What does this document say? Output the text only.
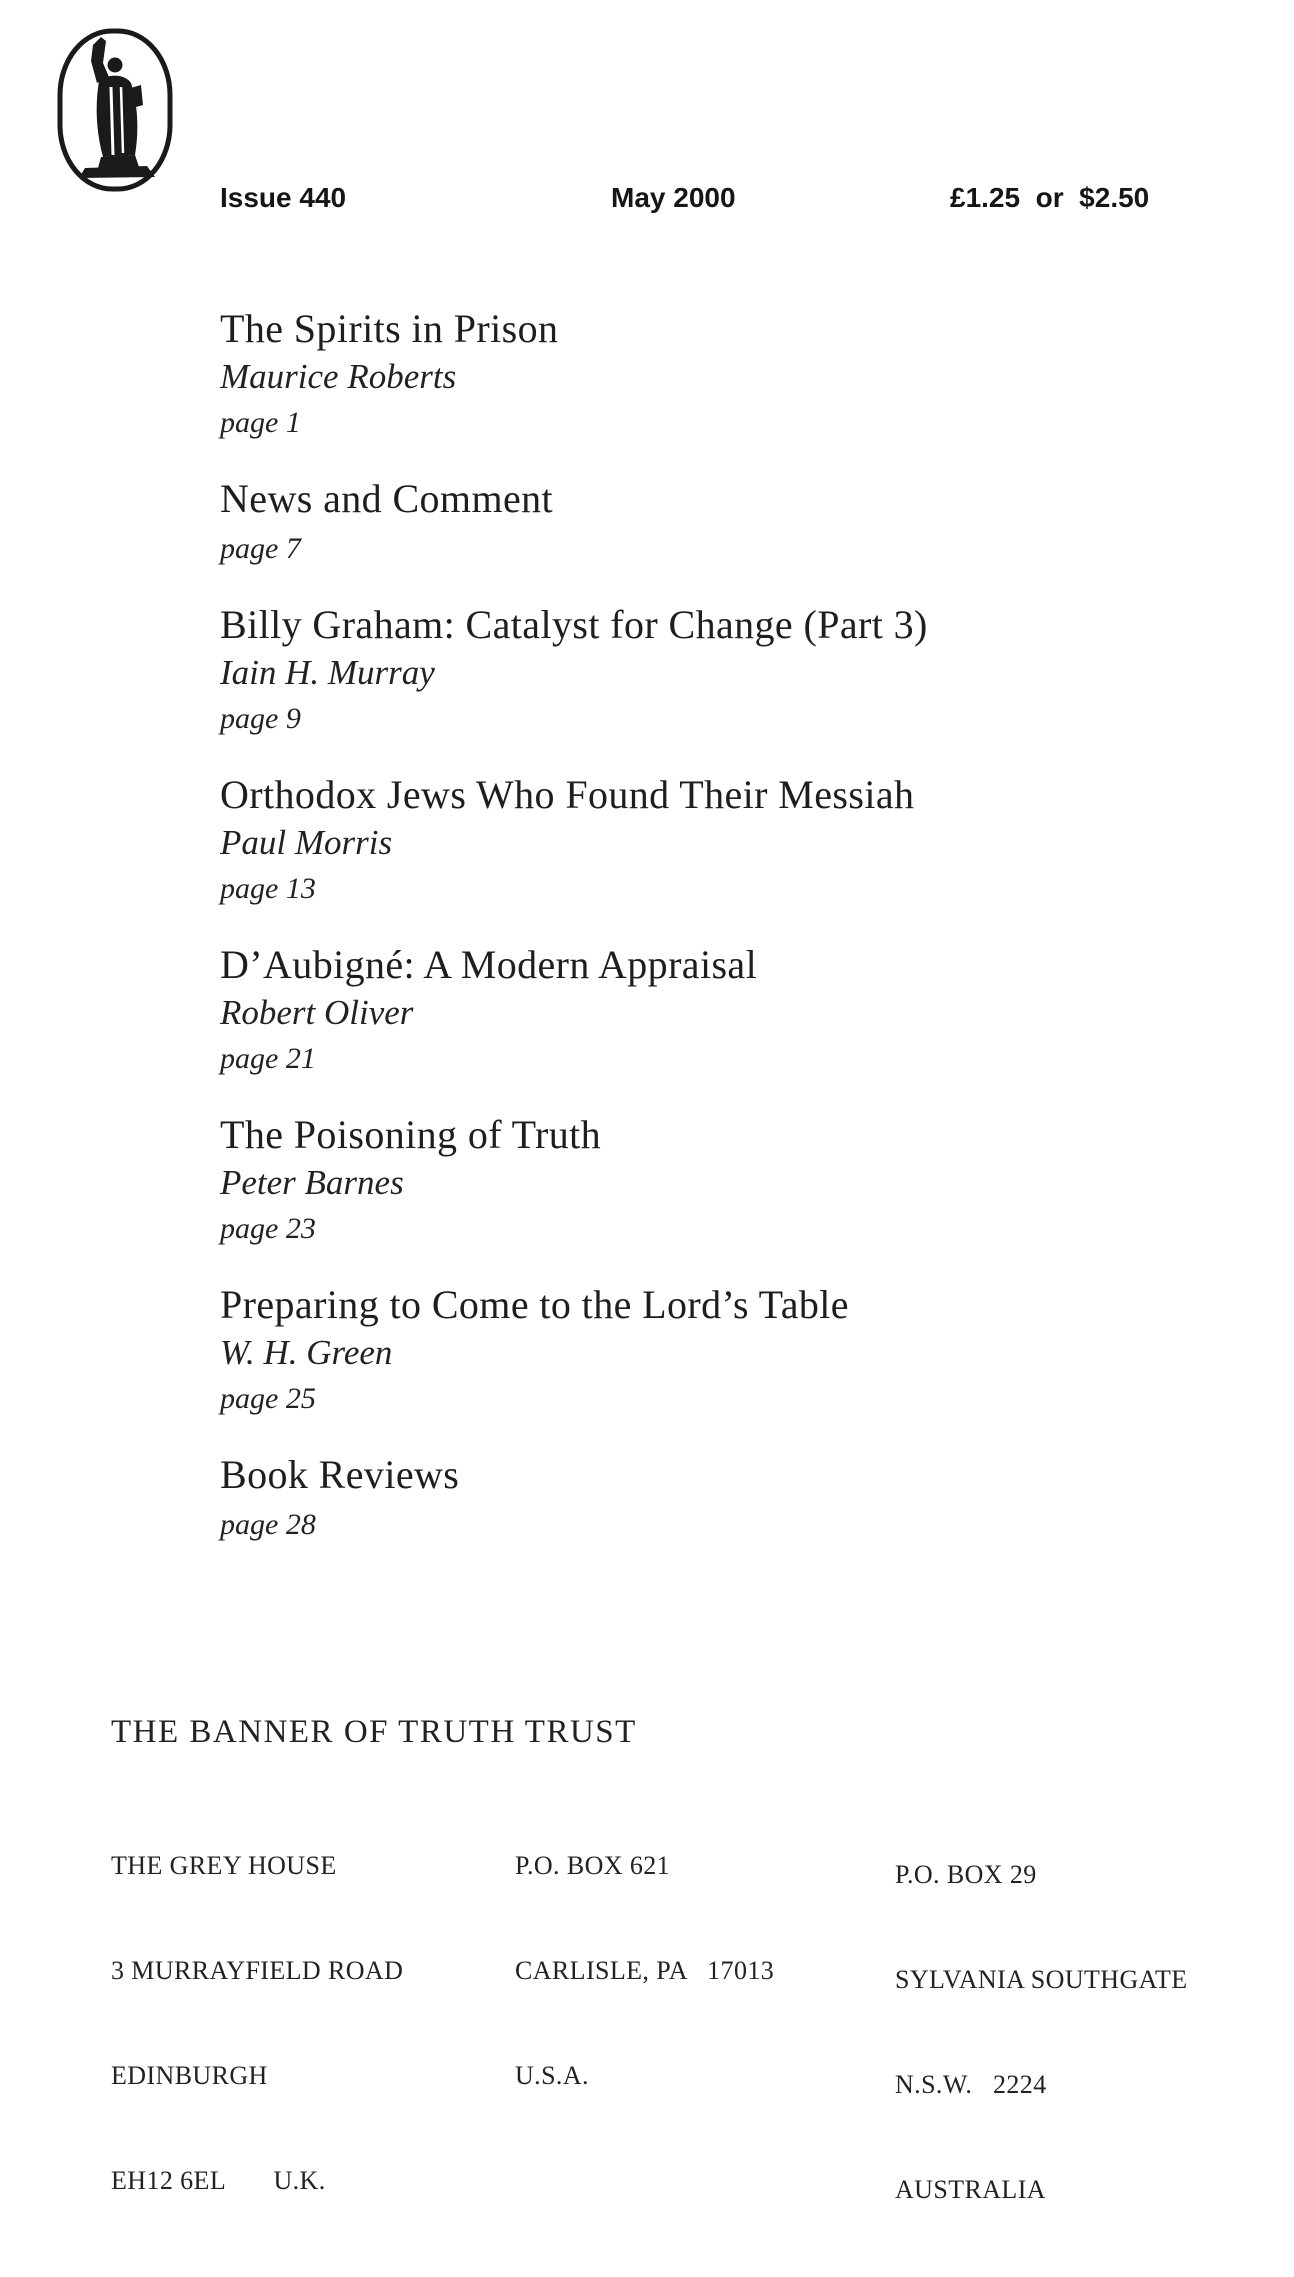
Issue 440	May 2000	£1.25  or  $2.50
The Spirits in Prison
Maurice Roberts
page 1
News and Comment
page 7
Billy Graham: Catalyst for Change (Part 3)
Iain H. Murray
page 9
Orthodox Jews Who Found Their Messiah
Paul Morris
page 13
D’Aubigné: A Modern Appraisal
Robert Oliver
page 21
The Poisoning of Truth
Peter Barnes
page 23
Preparing to Come to the Lord’s Table
W. H. Green
page 25
Book Reviews
page 28
THE BANNER OF TRUTH TRUST

THE GREY HOUSE

3 MURRAYFIELD ROAD

EDINBURGH

EH12 6EL       U.K.

P.O. BOX 621

CARLISLE, PA   17013

U.S.A.

P.O. BOX 29

SYLVANIA SOUTHGATE

N.S.W.   2224

AUSTRALIA
